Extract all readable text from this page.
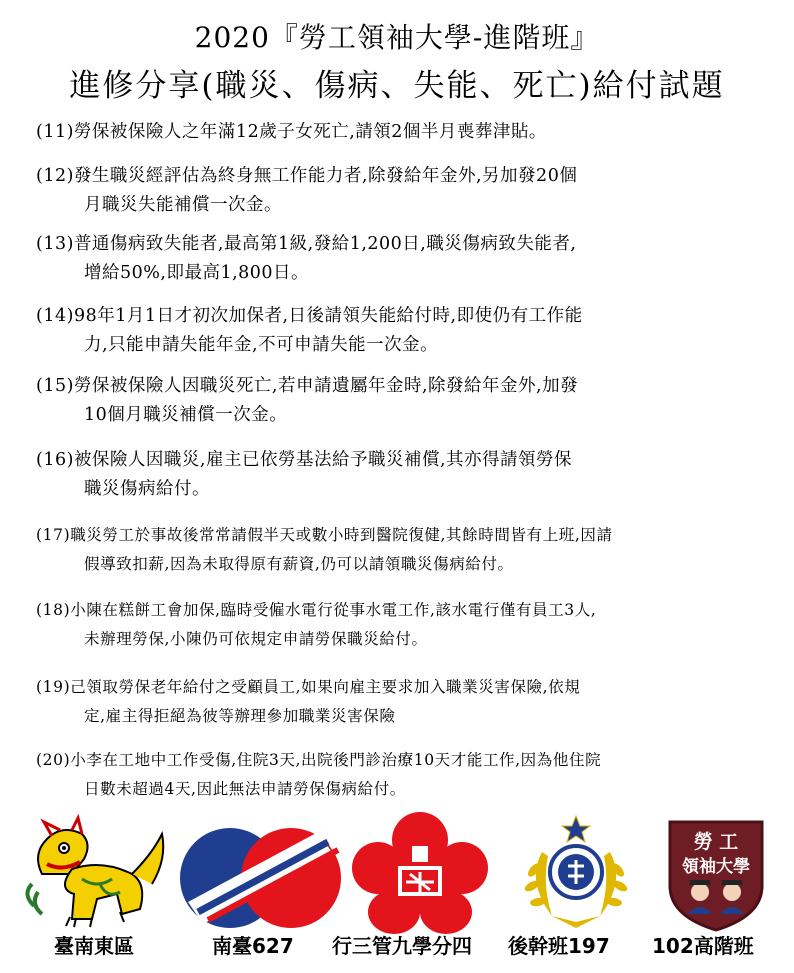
2020『勞工領袖大學-進階班』
進修分享(職災、傷病、失能、死亡)給付試題
(11)勞保被保險人之年滿12歲子女死亡,請領2個半月喪葬津貼。
(12)發生職災經評估為終身無工作能力者,除發給年金外,另加發20個
月職災失能補償一次金。
(13)普通傷病致失能者,最高第1級,發給1,200日,職災傷病致失能者,
增給50%,即最高1,800日。
(14)98年1月1日才初次加保者,日後請領失能給付時,即使仍有工作能
力,只能申請失能年金,不可申請失能一次金。
(15)勞保被保險人因職災死亡,若申請遺屬年金時,除發給年金外,加發
10個月職災補償一次金。
(16)被保險人因職災,雇主已依勞基法給予職災補償,其亦得請領勞保
職災傷病給付。
(17)職災勞工於事故後常常請假半天或數小時到醫院復健,其餘時間皆有上班,因請
假導致扣薪,因為未取得原有薪資,仍可以請領職災傷病給付。
(18)小陳在糕餅工會加保,臨時受僱水電行從事水電工作,該水電行僅有員工3人,
未辦理勞保,小陳仍可依規定申請勞保職災給付。
(19)己領取勞保老年給付之受顧員工,如果向雇主要求加入職業災害保險,依規
定,雇主得拒絕為彼等辦理參加職業災害保險
(20)小李在工地中工作受傷,住院3天,出院後門診治療10天才能工作,因為他住院
日數未超過4天,因此無法申請勞保傷病給付。
勞 工
領袖大學
臺南東區	南臺627 行三管九學分四 後幹班197 102高階班
